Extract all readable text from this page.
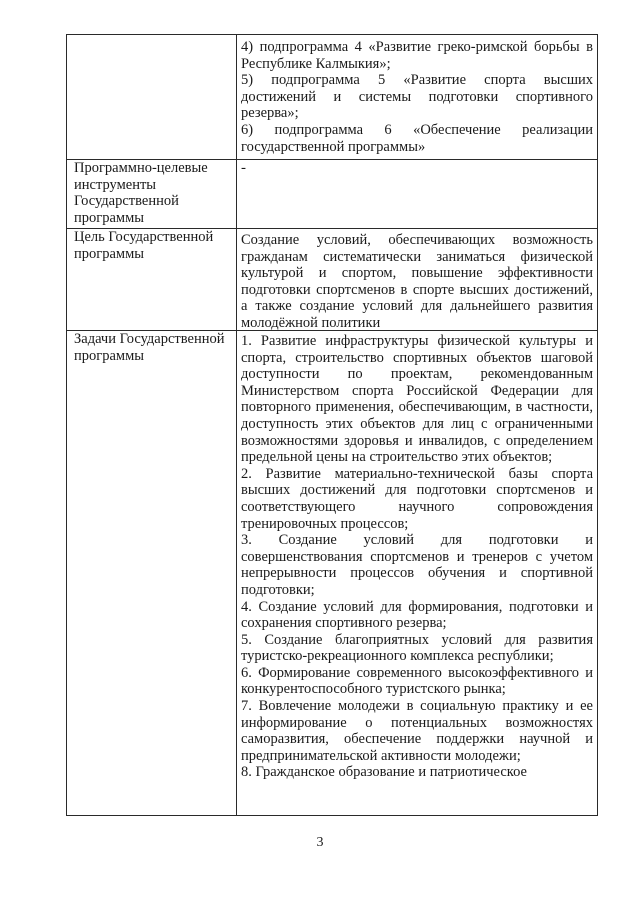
4) подпрограмма 4 «Развитие греко-римской борьбы в Республике Калмыкия»;
5) подпрограмма 5 «Развитие спорта высших достижений и системы подготовки спортивного резерва»;
6) подпрограмма 6 «Обеспечение реализации государственной программы»
Программно-целевые инструменты Государственной программы
-
Цель Государственной программы
Создание условий, обеспечивающих возможность гражданам систематически заниматься физической культурой и спортом, повышение эффективности подготовки спортсменов в спорте высших достижений, а также создание условий для дальнейшего развития молодёжной политики
Задачи Государственной программы
1. Развитие инфраструктуры физической культуры и спорта, строительство спортивных объектов шаговой доступности по проектам, рекомендованным Министерством спорта Российской Федерации для повторного применения, обеспечивающим, в частности, доступность этих объектов для лиц с ограниченными возможностями здоровья и инвалидов, с определением предельной цены на строительство этих объектов;
2. Развитие материально-технической базы спорта высших достижений для подготовки спортсменов и соответствующего научного сопровождения тренировочных процессов;
3. Создание условий для подготовки и совершенствования спортсменов и тренеров с учетом непрерывности процессов обучения и спортивной подготовки;
4. Создание условий для формирования, подготовки и сохранения спортивного резерва;
5. Создание благоприятных условий для развития туристско-рекреационного комплекса республики;
6. Формирование современного высокоэффективного и конкурентоспособного туристского рынка;
7. Вовлечение молодежи в социальную практику и ее информирование о потенциальных возможностях саморазвития, обеспечение поддержки научной и предпринимательской активности молодежи;
8. Гражданское образование и патриотическое
3
